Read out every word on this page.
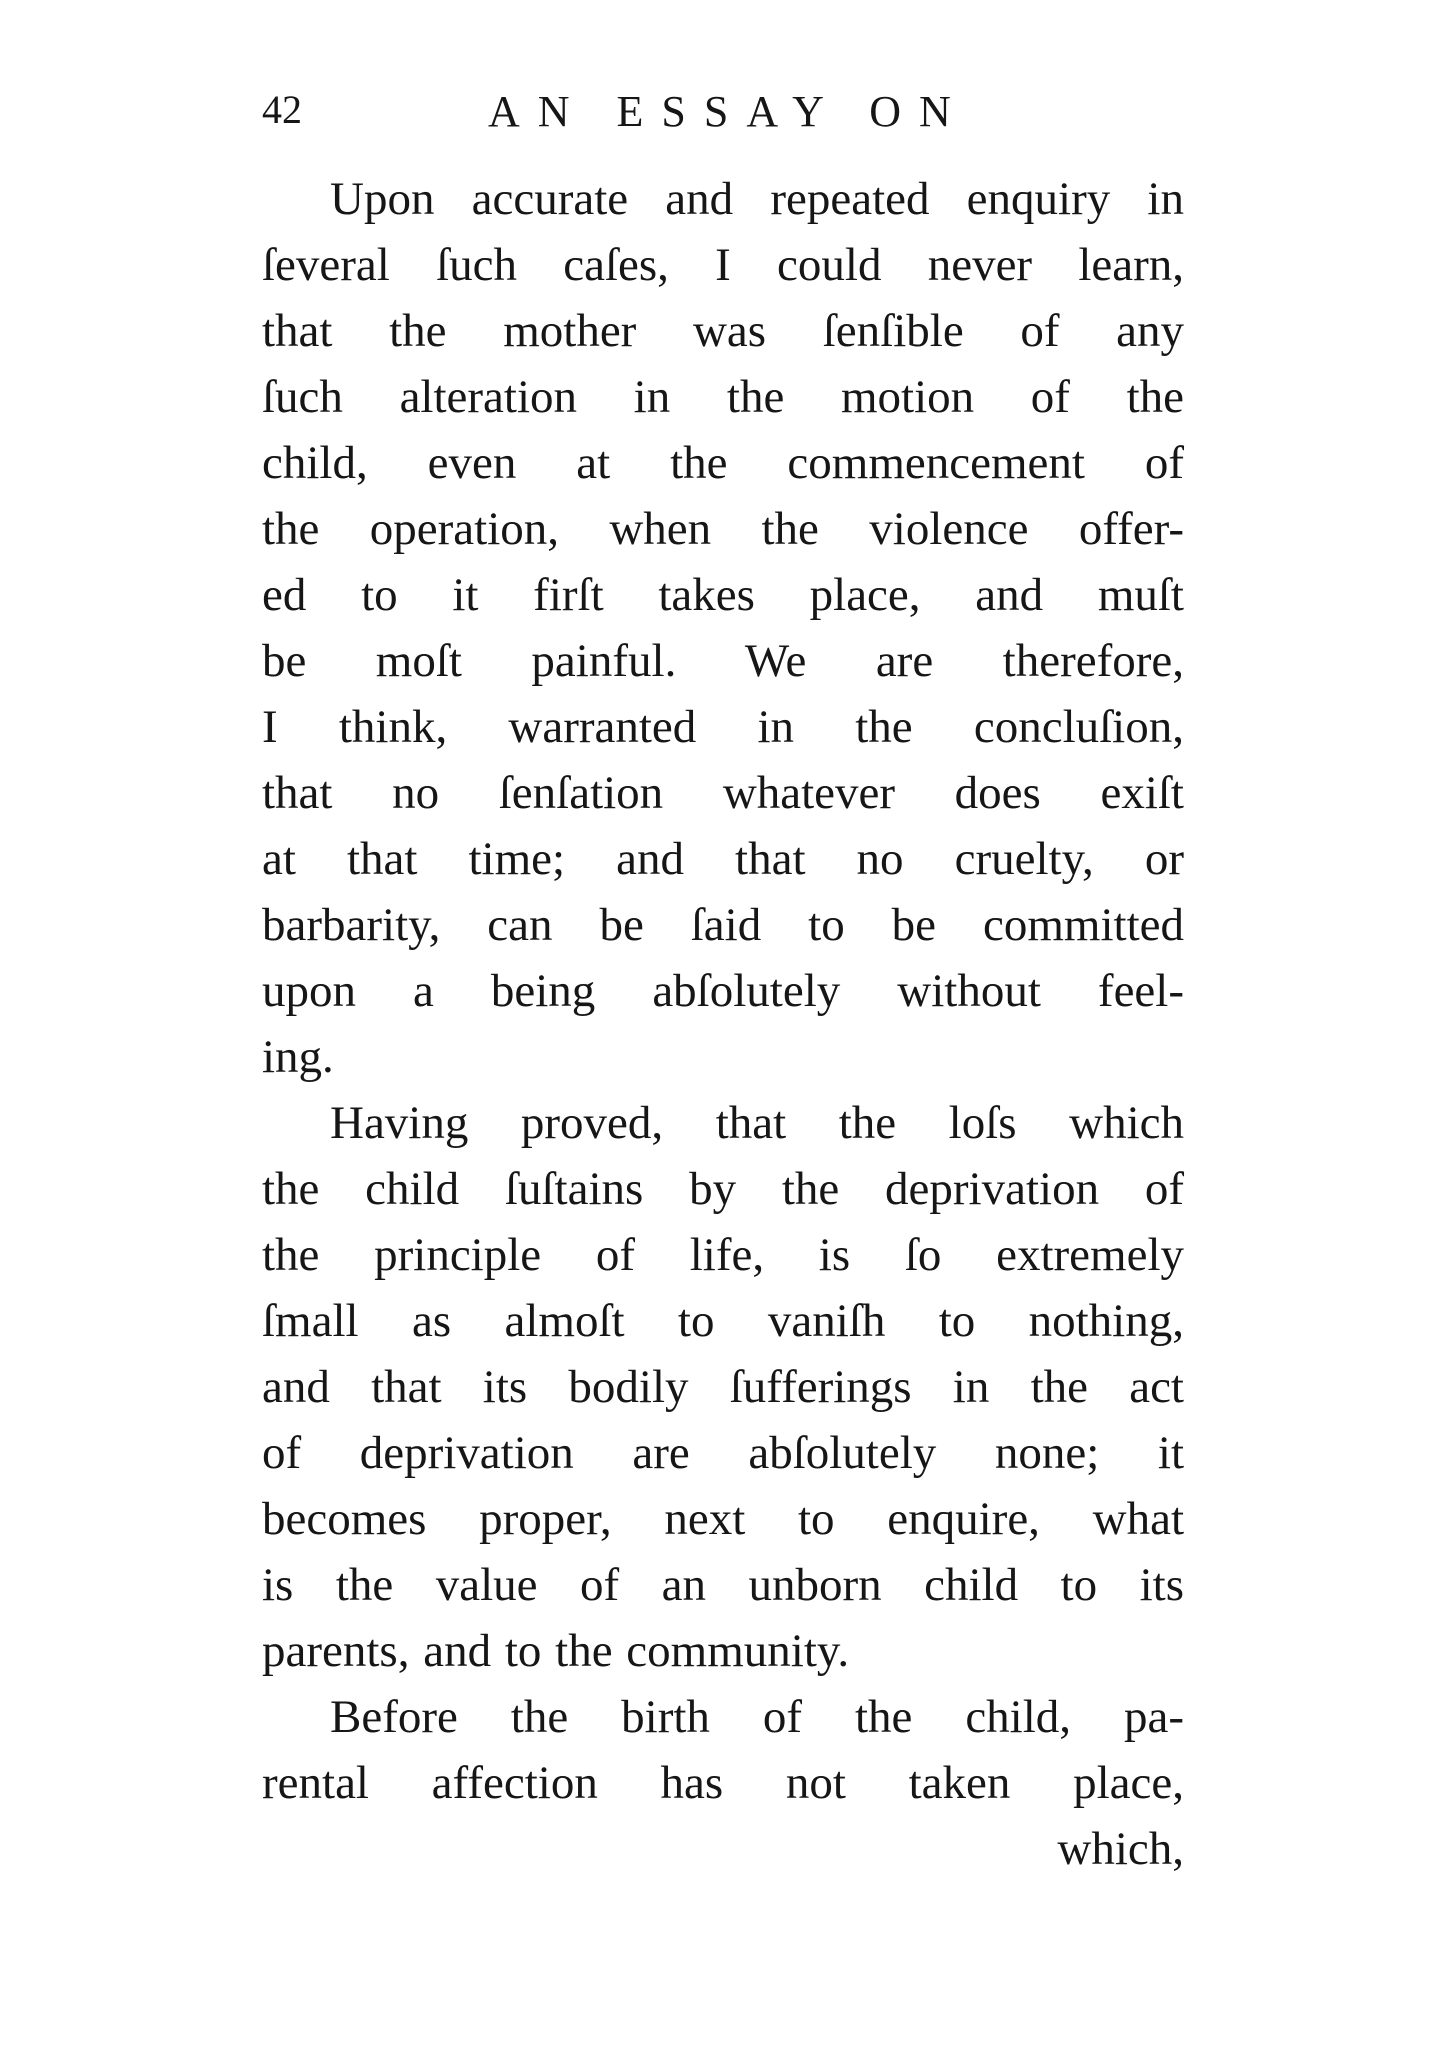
42	AN ESSAY ON
Upon accurate and repeated enquiry in
ſeveral ſuch caſes, I could never learn,
that the mother was ſenſible of any
ſuch alteration in the motion of the
child, even at the commencement of
the operation, when the violence offer-
ed to it firſt takes place, and muſt
be moſt painful. We are therefore,
I think, warranted in the concluſion,
that no ſenſation whatever does exiſt
at that time; and that no cruelty, or
barbarity, can be ſaid to be committed
upon a being abſolutely without feel-
ing.
Having proved, that the loſs which
the child ſuſtains by the deprivation of
the principle of life, is ſo extremely
ſmall as almoſt to vaniſh to nothing,
and that its bodily ſufferings in the act
of deprivation are abſolutely none; it
becomes proper, next to enquire, what
is the value of an unborn child to its
parents, and to the community.
Before the birth of the child, pa-
rental affection has not taken place,
which,
